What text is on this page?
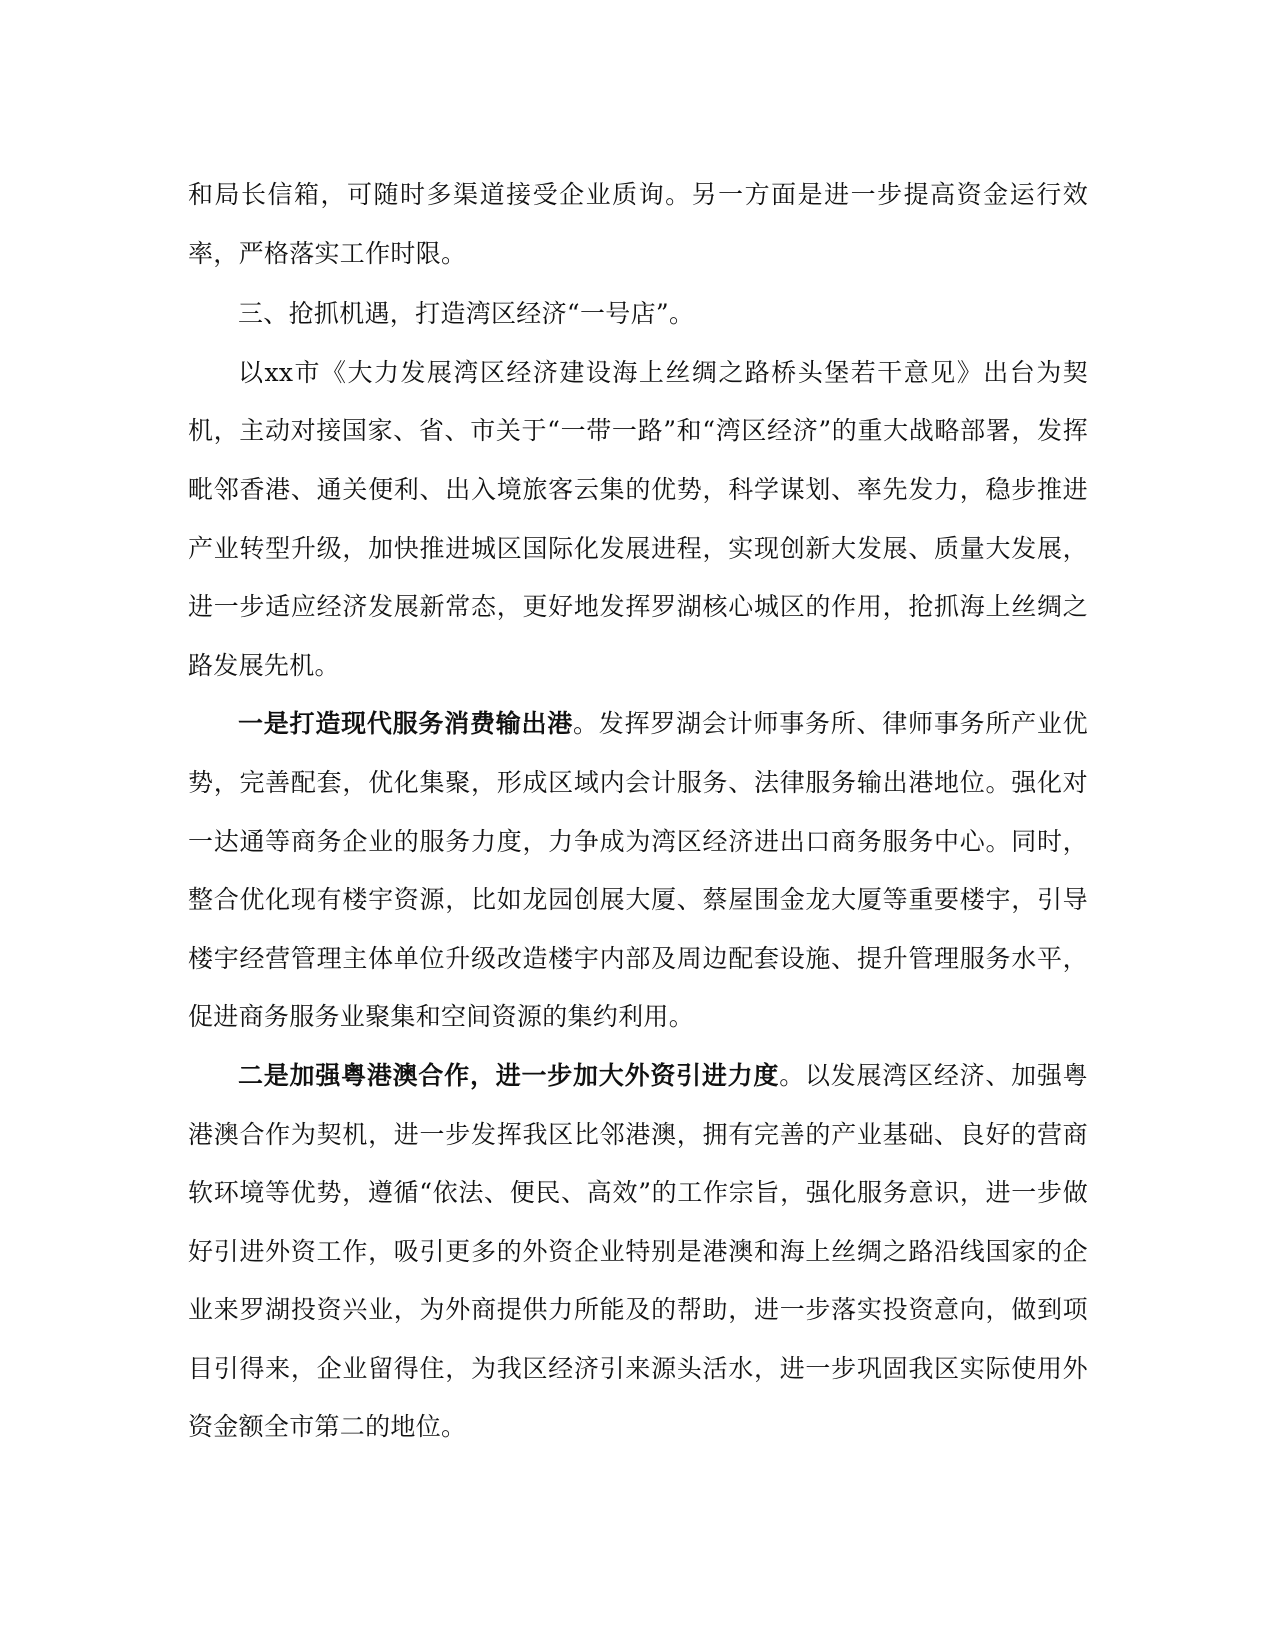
和局长信箱，可随时多渠道接受企业质询。另一方面是进一步提高资金运行效率，严格落实工作时限。

三、抢抓机遇，打造湾区经济“一号店”。

以xx市《大力发展湾区经济建设海上丝绸之路桥头堡若干意见》出台为契机，主动对接国家、省、市关于“一带一路”和“湾区经济”的重大战略部署，发挥毗邻香港、通关便利、出入境旅客云集的优势，科学谋划、率先发力，稳步推进产业转型升级，加快推进城区国际化发展进程，实现创新大发展、质量大发展，进一步适应经济发展新常态，更好地发挥罗湖核心城区的作用，抢抓海上丝绸之路发展先机。

一是打造现代服务消费输出港。发挥罗湖会计师事务所、律师事务所产业优势，完善配套，优化集聚，形成区域内会计服务、法律服务输出港地位。强化对一达通等商务企业的服务力度，力争成为湾区经济进出口商务服务中心。同时，整合优化现有楼宇资源，比如龙园创展大厦、蔡屋围金龙大厦等重要楼宇，引导楼宇经营管理主体单位升级改造楼宇内部及周边配套设施、提升管理服务水平，促进商务服务业聚集和空间资源的集约利用。

二是加强粤港澳合作，进一步加大外资引进力度。以发展湾区经济、加强粤港澳合作为契机，进一步发挥我区比邻港澳，拥有完善的产业基础、良好的营商软环境等优势，遵循“依法、便民、高效”的工作宗旨，强化服务意识，进一步做好引进外资工作，吸引更多的外资企业特别是港澳和海上丝绸之路沿线国家的企业来罗湖投资兴业，为外商提供力所能及的帮助，进一步落实投资意向，做到项目引得来，企业留得住，为我区经济引来源头活水，进一步巩固我区实际使用外资金额全市第二的地位。
